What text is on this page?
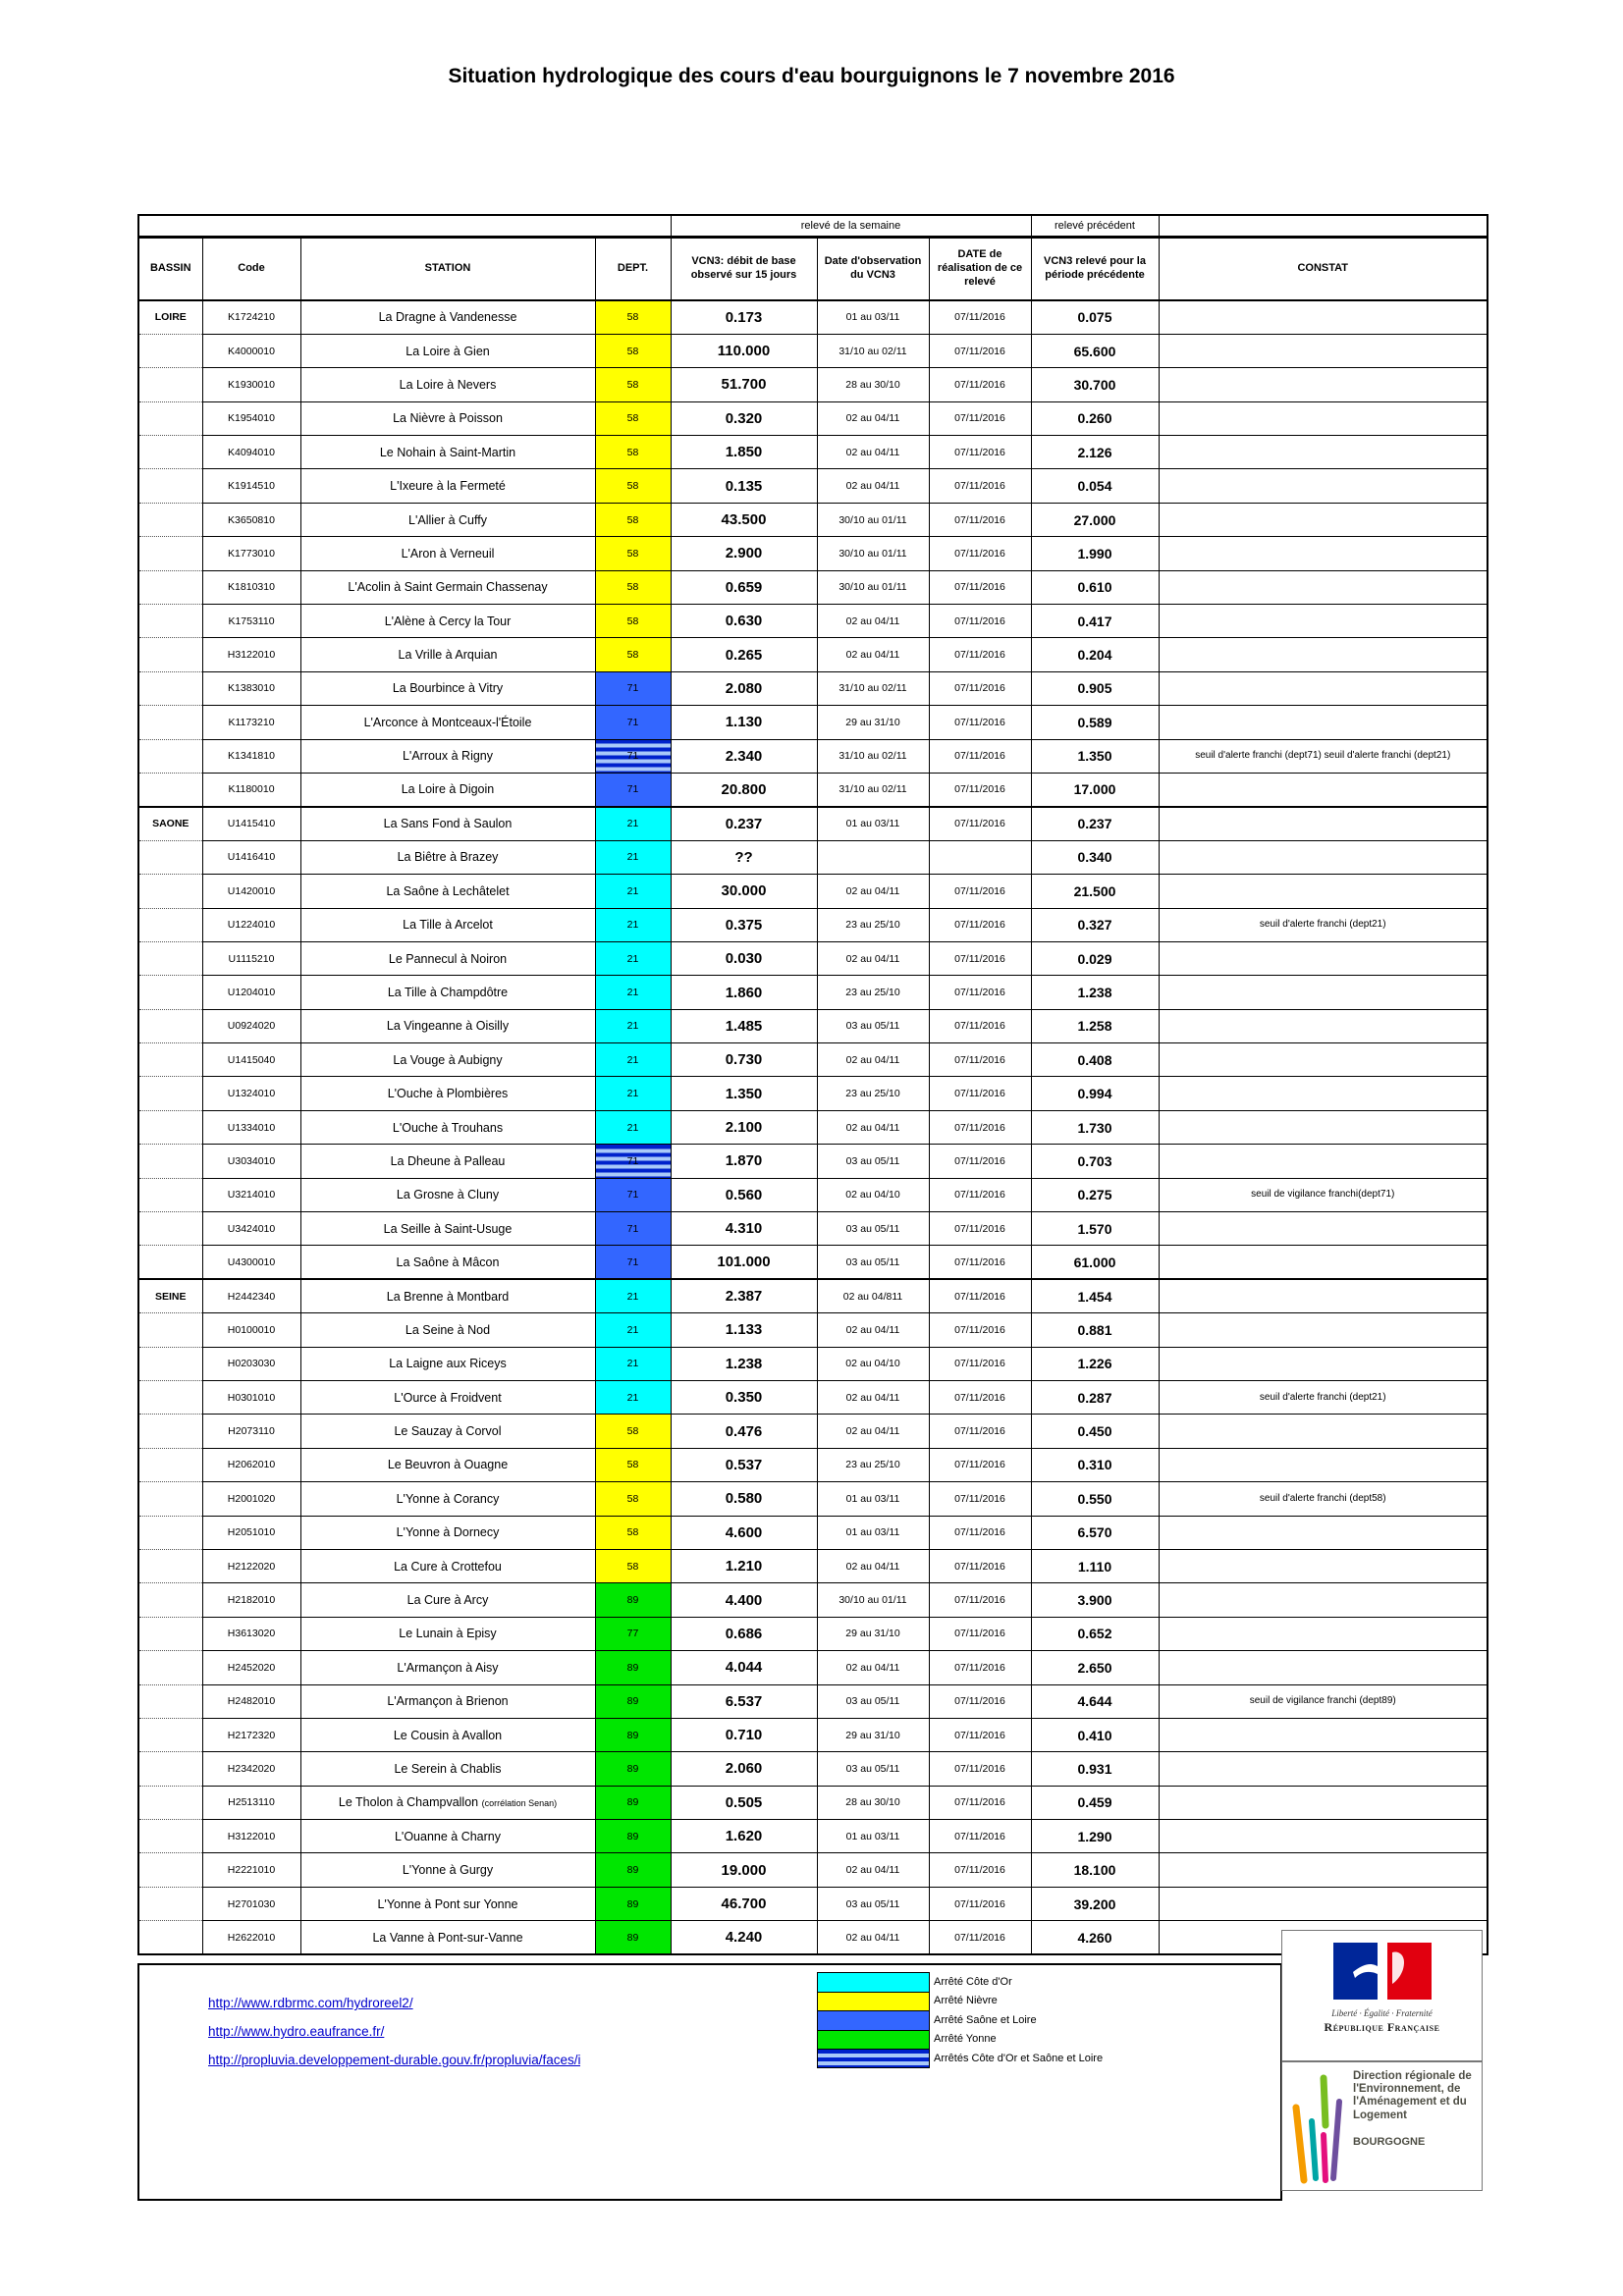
Situation hydrologique des cours d'eau bourguignons le 7 novembre 2016
				relevé de la semaine			relevé précédent	
BASSIN	Code	STATION	DEPT.	VCN3: débit de base observé sur 15 jours	Date d'observation du VCN3	DATE de réalisation de ce relevé	VCN3 relevé pour la période précédente	CONSTAT
LOIRE	K1724210	La Dragne à Vandenesse	58	0.173	01 au 03/11	07/11/2016	0.075	
	K4000010	La Loire à Gien	58	110.000	31/10 au 02/11	07/11/2016	65.600	
	K1930010	La Loire à Nevers	58	51.700	28 au 30/10	07/11/2016	30.700	
	K1954010	La Nièvre à Poisson	58	0.320	02 au 04/11	07/11/2016	0.260	
	K4094010	Le Nohain à Saint-Martin	58	1.850	02 au 04/11	07/11/2016	2.126	
	K1914510	L'Ixeure à la Fermeté	58	0.135	02 au 04/11	07/11/2016	0.054	
	K3650810	L'Allier à Cuffy	58	43.500	30/10 au 01/11	07/11/2016	27.000	
	K1773010	L'Aron à Verneuil	58	2.900	30/10 au 01/11	07/11/2016	1.990	
	K1810310	L'Acolin à Saint Germain Chassenay	58	0.659	30/10 au 01/11	07/11/2016	0.610	
	K1753110	L'Alène à Cercy la Tour	58	0.630	02 au 04/11	07/11/2016	0.417	
	H3122010	La Vrille à Arquian	58	0.265	02 au 04/11	07/11/2016	0.204	
	K1383010	La Bourbince à Vitry	71	2.080	31/10 au 02/11	07/11/2016	0.905	
	K1173210	L'Arconce à Montceaux-l'Étoile	71	1.130	29 au 31/10	07/11/2016	0.589	
	K1341810	L'Arroux à Rigny	71	2.340	31/10 au 02/11	07/11/2016	1.350	seuil d'alerte franchi (dept71) seuil d'alerte franchi (dept21)
	K1180010	La Loire à Digoin	71	20.800	31/10 au 02/11	07/11/2016	17.000	
SAONE	U1415410	La Sans Fond à Saulon	21	0.237	01 au 03/11	07/11/2016	0.237	
	U1416410	La Biêtre à Brazey	21	??			0.340	
	U1420010	La Saône à Lechâtelet	21	30.000	02 au 04/11	07/11/2016	21.500	
	U1224010	La Tille à Arcelot	21	0.375	23 au 25/10	07/11/2016	0.327	seuil d'alerte franchi (dept21)
	U1115210	Le Pannecul à Noiron	21	0.030	02 au 04/11	07/11/2016	0.029	
	U1204010	La Tille à Champdôtre	21	1.860	23 au 25/10	07/11/2016	1.238	
	U0924020	La Vingeanne à Oisilly	21	1.485	03 au 05/11	07/11/2016	1.258	
	U1415040	La Vouge à Aubigny	21	0.730	02 au 04/11	07/11/2016	0.408	
	U1324010	L'Ouche à Plombières	21	1.350	23 au 25/10	07/11/2016	0.994	
	U1334010	L'Ouche à Trouhans	21	2.100	02 au 04/11	07/11/2016	1.730	
	U3034010	La Dheune à Palleau	71	1.870	03 au 05/11	07/11/2016	0.703	
	U3214010	La Grosne à Cluny	71	0.560	02 au 04/10	07/11/2016	0.275	seuil de vigilance franchi(dept71)
	U3424010	La Seille à Saint-Usuge	71	4.310	03 au 05/11	07/11/2016	1.570	
	U4300010	La Saône à Mâcon	71	101.000	03 au 05/11	07/11/2016	61.000	
SEINE	H2442340	La Brenne à Montbard	21	2.387	02 au 04/811	07/11/2016	1.454	
	H0100010	La Seine à Nod	21	1.133	02 au 04/11	07/11/2016	0.881	
	H0203030	La Laigne aux Riceys	21	1.238	02 au 04/10	07/11/2016	1.226	
	H0301010	L'Ource à Froidvent	21	0.350	02 au 04/11	07/11/2016	0.287	seuil d'alerte franchi (dept21)
	H2073110	Le Sauzay à Corvol	58	0.476	02 au 04/11	07/11/2016	0.450	
	H2062010	Le Beuvron à Ouagne	58	0.537	23 au 25/10	07/11/2016	0.310	
	H2001020	L'Yonne à Corancy	58	0.580	01 au 03/11	07/11/2016	0.550	seuil d'alerte franchi (dept58)
	H2051010	L'Yonne à Dornecy	58	4.600	01 au 03/11	07/11/2016	6.570	
	H2122020	La Cure à Crottefou	58	1.210	02 au 04/11	07/11/2016	1.110	
	H2182010	La Cure à Arcy	89	4.400	30/10 au 01/11	07/11/2016	3.900	
	H3613020	Le Lunain à Episy	77	0.686	29 au 31/10	07/11/2016	0.652	
	H2452020	L'Armançon à Aisy	89	4.044	02 au 04/11	07/11/2016	2.650	
	H2482010	L'Armançon à Brienon	89	6.537	03 au 05/11	07/11/2016	4.644	seuil de vigilance franchi (dept89)
	H2172320	Le Cousin à Avallon	89	0.710	29 au 31/10	07/11/2016	0.410	
	H2342020	Le Serein à Chablis	89	2.060	03 au 05/11	07/11/2016	0.931	
	H2513110	Le Tholon à Champvallon (corrélation Senan)	89	0.505	28 au 30/10	07/11/2016	0.459	
	H3122010	L'Ouanne à Charny	89	1.620	01 au 03/11	07/11/2016	1.290	
	H2221010	L'Yonne à Gurgy	89	19.000	02 au 04/11	07/11/2016	18.100	
	H2701030	L'Yonne à Pont sur Yonne	89	46.700	03 au 05/11	07/11/2016	39.200	
	H2622010	La Vanne à Pont-sur-Vanne	89	4.240	02 au 04/11	07/11/2016	4.260	
http://www.rdbrmc.com/hydroreel2/
http://www.hydro.eaufrance.fr/
http://propluvia.developpement-durable.gouv.fr/propluvia/faces/i
Arrêté Côte d'Or
Arrêté Nièvre
Arrêté Saône et Loire
Arrêté Yonne
Arrêtés Côte d'Or et Saône et Loire
Liberté · Égalité · Fraternité
République Française
Direction régionale de l'Environnement, de l'Aménagement et du Logement
BOURGOGNE
